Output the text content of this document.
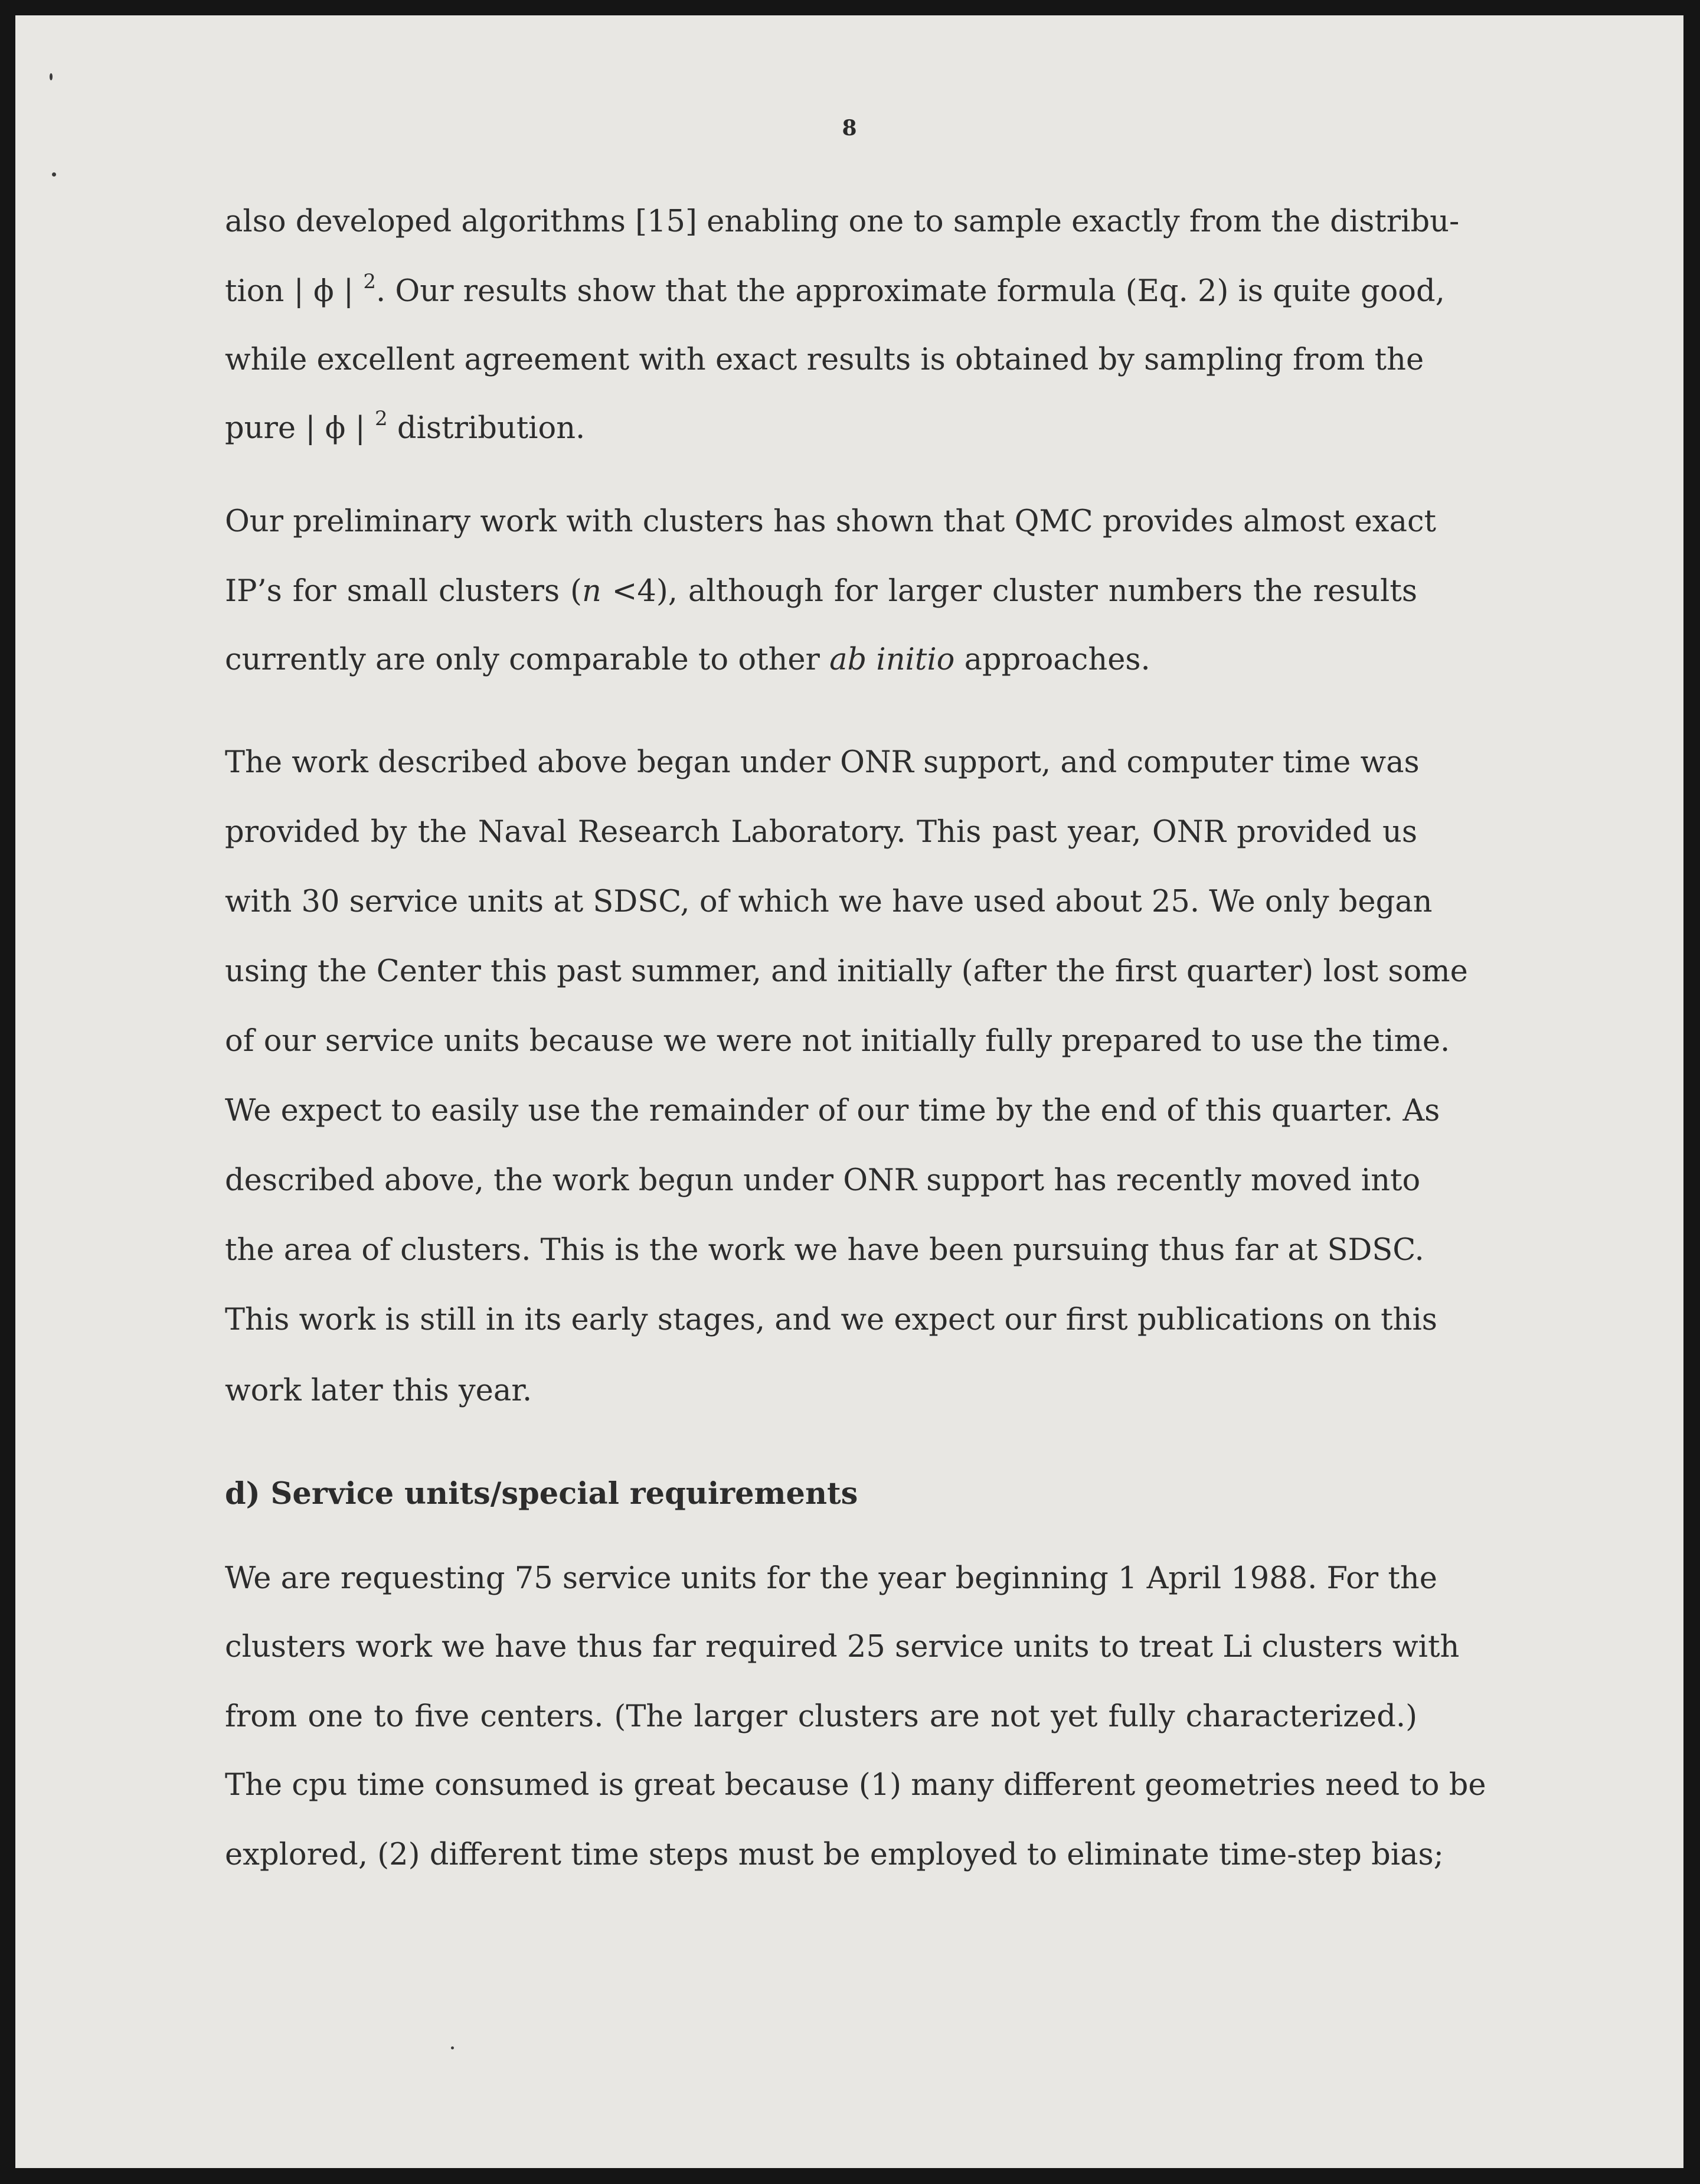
8
also developed algorithms [15] enabling one to sample exactly from the distribu-
tion | ϕ | $^2$. Our results show that the approximate formula (Eq. 2) is quite good,
while excellent agreement with exact results is obtained by sampling from the
pure | ϕ | $^2$ distribution.
Our preliminary work with clusters has shown that QMC provides almost exact
IP’s for small clusters (n <4), although for larger cluster numbers the results
currently are only comparable to other ab initio approaches.
The work described above began under ONR support, and computer time was
provided by the Naval Research Laboratory. This past year, ONR provided us
with 30 service units at SDSC, of which we have used about 25. We only began
using the Center this past summer, and initially (after the first quarter) lost some
of our service units because we were not initially fully prepared to use the time.
We expect to easily use the remainder of our time by the end of this quarter. As
described above, the work begun under ONR support has recently moved into
the area of clusters. This is the work we have been pursuing thus far at SDSC.
This work is still in its early stages, and we expect our first publications on this
work later this year.
d) Service units/special requirements
We are requesting 75 service units for the year beginning 1 April 1988. For the
clusters work we have thus far required 25 service units to treat Li clusters with
from one to five centers. (The larger clusters are not yet fully characterized.)
The cpu time consumed is great because (1) many different geometries need to be
explored, (2) different time steps must be employed to eliminate time-step bias;
